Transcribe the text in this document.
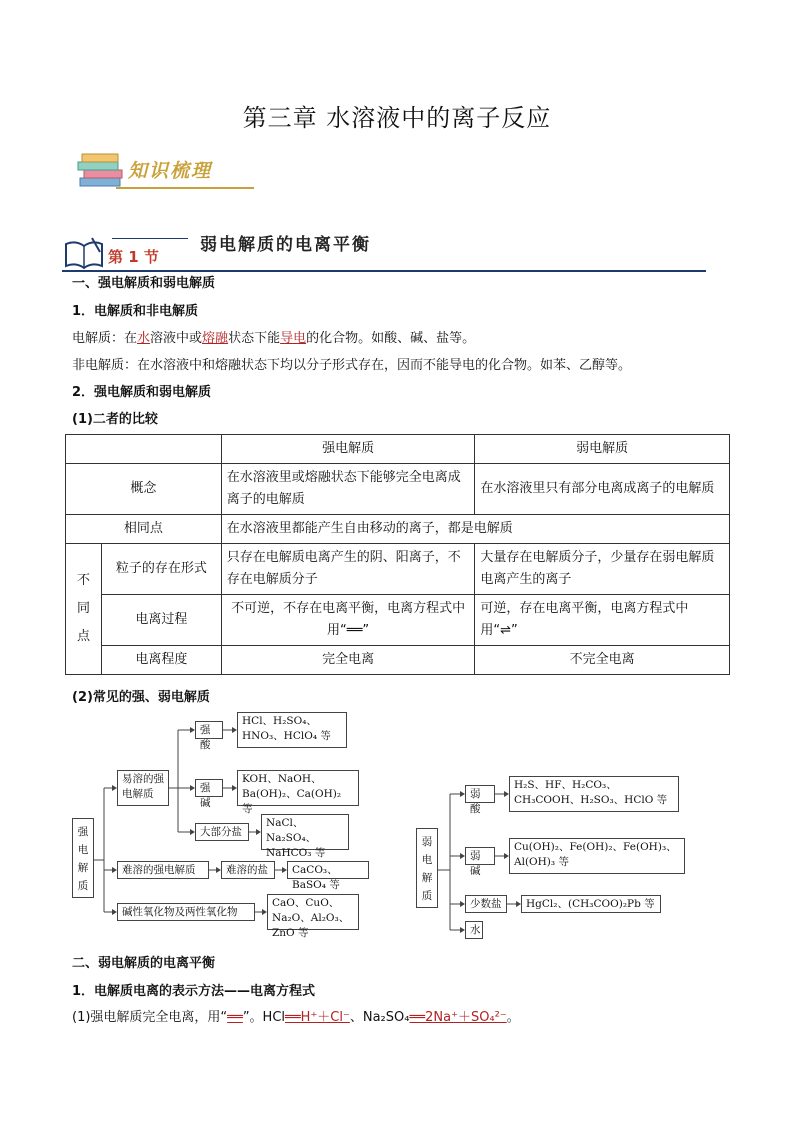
第三章 水溶液中的离子反应
知识梳理
第 1 节
弱电解质的电离平衡
一、强电解质和弱电解质
1．电解质和非电解质
电解质：在水溶液中或熔融状态下能导电的化合物。如酸、碱、盐等。
非电解质：在水溶液中和熔融状态下均以分子形式存在，因而不能导电的化合物。如苯、乙醇等。
2．强电解质和弱电解质
(1)二者的比较
		强电解质	弱电解质
概念		在水溶液里或熔融状态下能够完全电离成离子的电解质	在水溶液里只有部分电离成离子的电解质
相同点		在水溶液里都能产生自由移动的离子，都是电解质	
不同点	粒子的存在形式	只存在电解质电离产生的阴、阳离子，不存在电解质分子	大量存在电解质分子，少量存在弱电解质电离产生的离子
	电离过程	不可逆，不存在电离平衡，电离方程式中用“══”	可逆，存在电离平衡，电离方程式中用“⇌”
	电离程度	完全电离	不完全电离
(2)常见的强、弱电解质
强电解质
易溶的强电解质
强酸
HCl、H₂SO₄、HNO₃、HClO₄ 等
强碱
KOH、NaOH、Ba(OH)₂、Ca(OH)₂ 等
大部分盐
NaCl、Na₂SO₄、NaHCO₃ 等
难溶的强电解质	难溶的盐	CaCO₃、BaSO₄ 等
碱性氧化物及两性氧化物
CaO、CuO、Na₂O、Al₂O₃、ZnO 等
弱电解质
弱酸
H₂S、HF、H₂CO₃、CH₃COOH、H₂SO₃、HClO 等
弱碱
Cu(OH)₂、Fe(OH)₂、Fe(OH)₃、Al(OH)₃ 等
少数盐	HgCl₂、(CH₃COO)₂Pb 等
水
二、弱电解质的电离平衡
1．电解质电离的表示方法——电离方程式
(1)强电解质完全电离，用“══”。HCl══H⁺＋Cl⁻、Na₂SO₄══2Na⁺＋SO₄²⁻。
